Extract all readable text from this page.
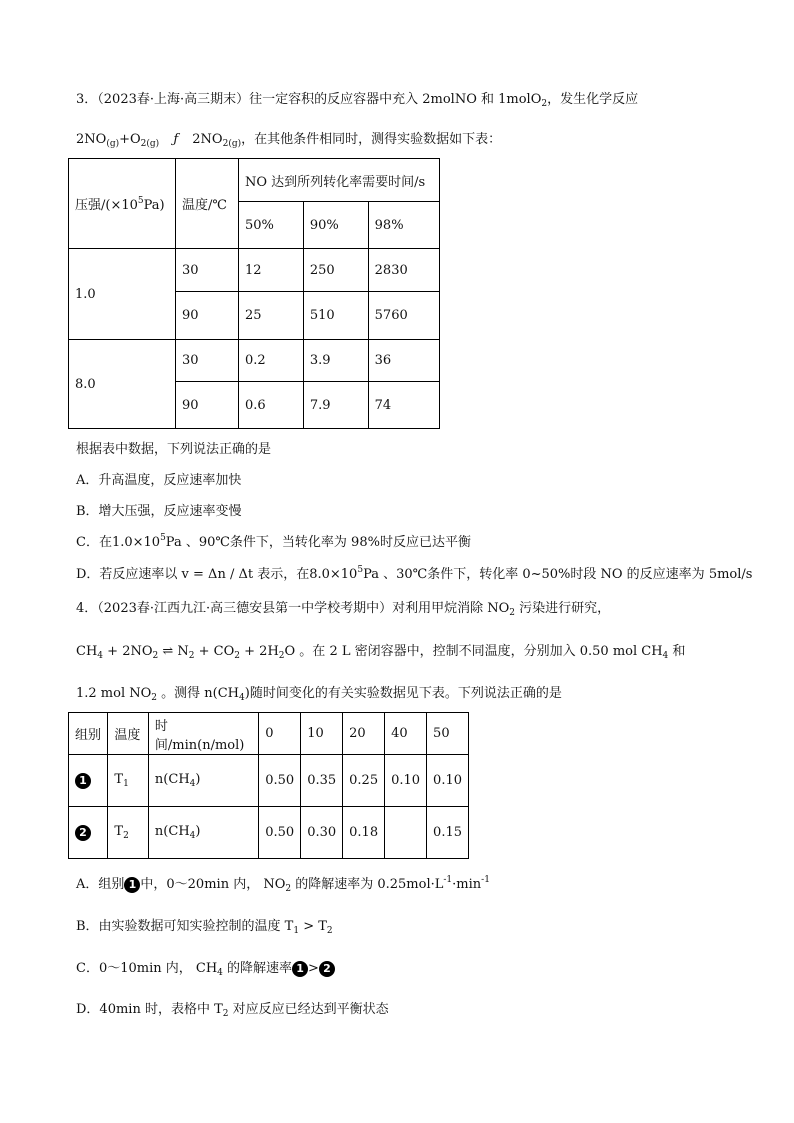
3．（2023春·上海·高三期末）往一定容积的反应容器中充入 2molNO 和 1molO$_2$，发生化学反应
$2NO_{(g)}+O_{2(g)}$ ƒ $2NO_{2(g)}$，在其他条件相同时，测得实验数据如下表：
压强$/(\times 10^5Pa)$	温度/℃	NO 达到所列转化率需要时间/s		
		50%	90%	98%
1.0	30	12	250	2830
	90	25	510	5760
8.0	30	0.2	3.9	36
	90	0.6	7.9	74
根据表中数据，下列说法正确的是
A．升高温度，反应速率加快
B．增大压强，反应速率变慢
C．在$1.0\times 10^5Pa$ 、90℃条件下，当转化率为 98%时反应已达平衡
D．若反应速率以 v = Δn / Δt 表示，在$8.0\times 10^5Pa$ 、30℃条件下，转化率 0~50%时段 NO 的反应速率为 5mol/s
4．（2023春·江西九江·高三德安县第一中学校考期中）对利用甲烷消除 $NO_2$ 污染进行研究，
$CH_4 + 2NO_2$ ⇌ $N_2 + CO_2 + 2H_2O$ 。在 2 L 密闭容器中，控制不同温度，分别加入 0.50 mol $CH_4$ 和
1.2 mol $NO_2$ 。测得 $n(CH_4)$随时间变化的有关实验数据见下表。下列说法正确的是
组别	温度	时间/min(n/mol)	0	10	20	40	50
1	$T_1$	$n(CH_4)$	0.50	0.35	0.25	0.10	0.10
2	$T_2$	$n(CH_4)$	0.50	0.30	0.18		0.15
A．组别 1 中，0～20min 内， $NO_2$ 的降解速率为 $0.25mol\cdot L^{-1}\cdot\min^{-1}$
B．由实验数据可知实验控制的温度 $T_1 > T_2$
C．0～10min 内， $CH_4$ 的降解速率 1 > 2
D．40min 时，表格中 $T_2$ 对应反应已经达到平衡状态
